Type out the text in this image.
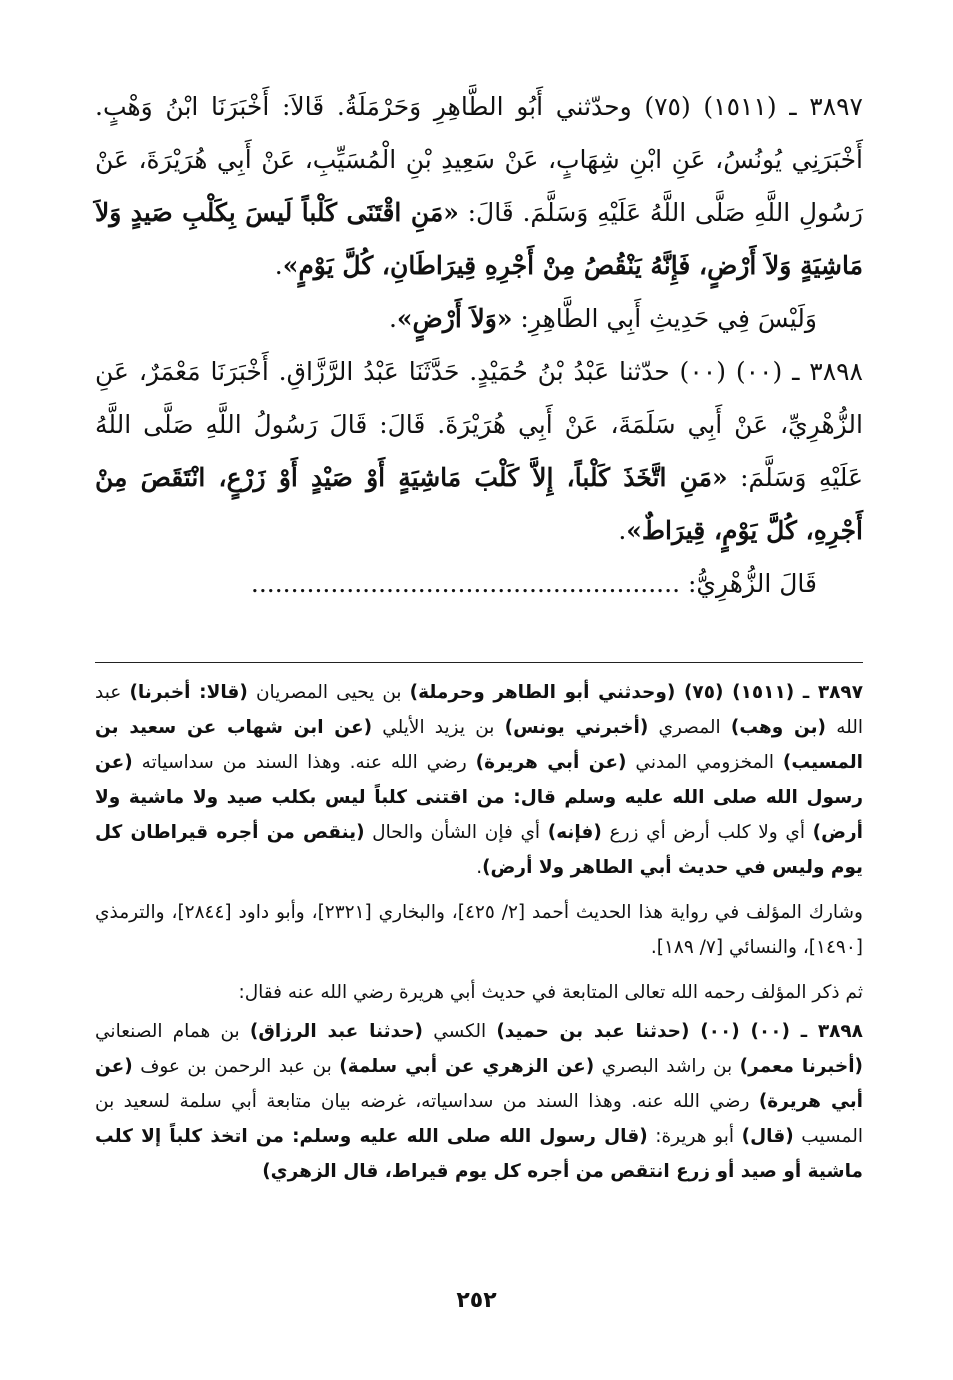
٣٨٩٧ ـ (١٥١١) (٧٥) وحدّثني أَبُو الطَّاهِرِ وَحَرْمَلَةُ. قَالاَ: أَخْبَرَنَا ابْنُ وَهْبٍ. أَخْبَرَنِي يُونُسُ، عَنِ ابْنِ شِهَابٍ، عَنْ سَعِيدِ بْنِ الْمُسَيِّبِ، عَنْ أَبِي هُرَيْرَةَ، عَنْ رَسُولِ اللَّهِ صَلَّى اللَّهُ عَلَيْهِ وَسَلَّمَ. قَالَ: «مَنِ اقْتَنَى كَلْباً لَيسَ بِكَلْبِ صَيدٍ وَلاَ مَاشِيَةٍ وَلاَ أَرْضٍ، فَإِنَّهُ يَنْقُصُ مِنْ أَجْرِهِ قِيرَاطَانِ، كُلَّ يَوْمٍ».

وَلَيْسَ فِي حَدِيثِ أَبِي الطَّاهِرِ: «وَلاَ أَرْضٍ».

٣٨٩٨ ـ (٠٠) (٠٠) حدّثنا عَبْدُ بْنُ حُمَيْدٍ. حَدَّثَنَا عَبْدُ الرَّزَّاقِ. أَخْبَرَنَا مَعْمَرٌ، عَنِ الزُّهْرِيِّ، عَنْ أَبِي سَلَمَةَ، عَنْ أَبِي هُرَيْرَةَ. قَالَ: قَالَ رَسُولُ اللَّهِ صَلَّى اللَّهُ عَلَيْهِ وَسَلَّمَ: «مَنِ اتَّخَذَ كَلْباً، إِلاَّ كَلْبَ مَاشِيَةٍ أَوْ صَيْدٍ أَوْ زَرْعٍ، انْتَقَصَ مِنْ أَجْرِهِ، كُلَّ يَوْمٍ، قِيرَاطٌ».

قَالَ الزُّهْرِيُّ: ......................................................

٣٨٩٧ ـ (١٥١١) (٧٥) (وحدثني أبو الطاهر وحرملة) بن يحيى المصريان (قالا: أخبرنا) عبد الله (بن وهب) المصري (أخبرني يونس) بن يزيد الأيلي (عن ابن شهاب عن سعيد بن المسيب) المخزومي المدني (عن أبي هريرة) رضي الله عنه. وهذا السند من سداسياته (عن رسول الله صلى الله عليه وسلم قال: من اقتنى كلباً ليس بكلب صيد ولا ماشية ولا أرض) أي ولا كلب أرض أي زرع (فإنه) أي فإن الشأن والحال (ينقص من أجره قيراطان كل يوم وليس في حديث أبي الطاهر ولا أرض).

وشارك المؤلف في رواية هذا الحديث أحمد [٢/ ٤٢٥]، والبخاري [٢٣٢١]، وأبو داود [٢٨٤٤]، والترمذي [١٤٩٠]، والنسائي [٧/ ١٨٩].

ثم ذكر المؤلف رحمه الله تعالى المتابعة في حديث أبي هريرة رضي الله عنه فقال:

٣٨٩٨ ـ (٠٠) (٠٠) (حدثنا عبد بن حميد) الكسي (حدثنا عبد الرزاق) بن همام الصنعاني (أخبرنا معمر) بن راشد البصري (عن الزهري عن أبي سلمة) بن عبد الرحمن بن عوف (عن أبي هريرة) رضي الله عنه. وهذا السند من سداسياته، غرضه بيان متابعة أبي سلمة لسعيد بن المسيب (قال) أبو هريرة: (قال رسول الله صلى الله عليه وسلم: من اتخذ كلباً إلا كلب ماشية أو صيد أو زرع انتقص من أجره كل يوم قيراط، قال الزهري)

٢٥٢
